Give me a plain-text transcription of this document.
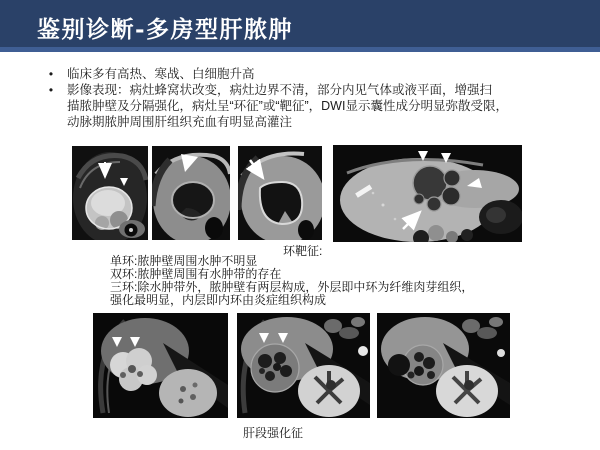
鉴别诊断-多房型肝脓肿
• 临床多有高热、寒战、白细胞升高
• 影像表现：病灶蜂窝状改变，病灶边界不清，部分内见气体或液平面，增强扫
描脓肿壁及分隔强化，病灶呈“环征”或“靶征”，DWI显示囊性成分明显弥散受限，
动脉期脓肿周围肝组织充血有明显高灌注
环靶征:
单环:脓肿壁周围水肿不明显
双环:脓肿壁周围有水肿带的存在
三环:除水肿带外，脓肿壁有两层构成，外层即中环为纤维肉芽组织，
强化最明显，内层即内环由炎症组织构成
肝段强化征
